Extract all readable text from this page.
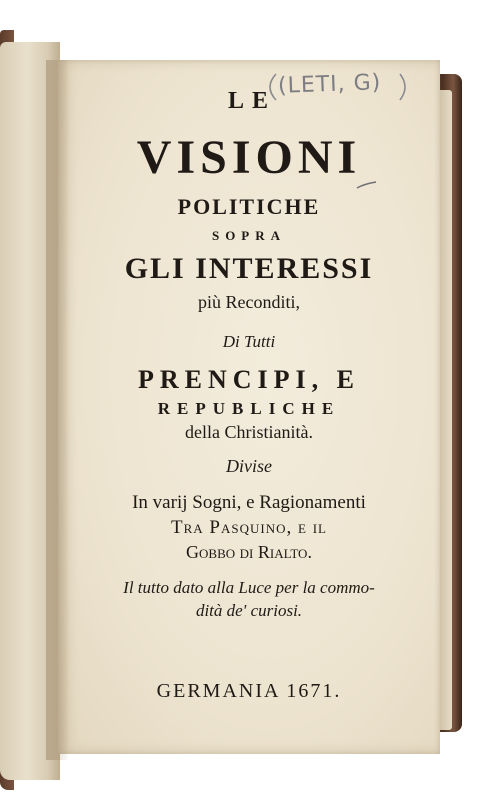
LE
VISIONI
POLITICHE
SOPRA
GLI INTERESSI
più Reconditi,
Di Tutti
PRENCIPI, E
REPUBLICHE
della Christianità.
Divise
In varij Sogni, e Ragionamenti
Tra Pasquino, e il
Gobbo di Rialto.
Il tutto dato alla Luce per la commo-
dità de' curiosi.
GERMANIA 1671.
(LETI, G)
